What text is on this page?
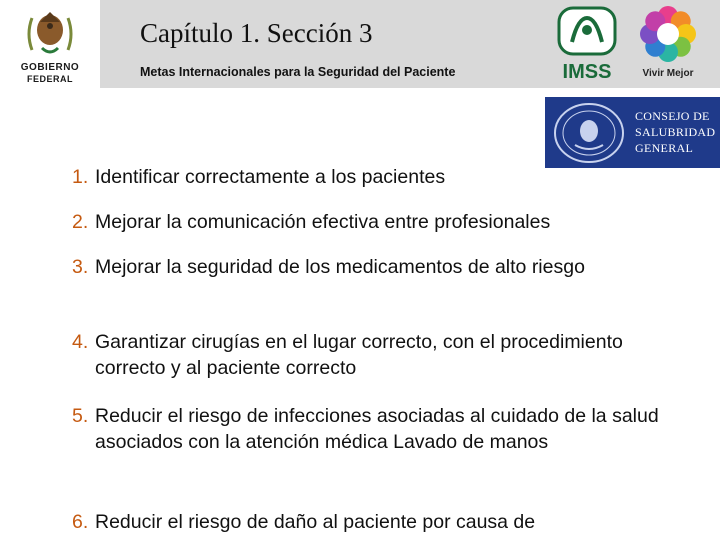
GOBIERNO
FEDERAL
Capítulo 1. Sección 3
Metas Internacionales para la Seguridad del Paciente	IMSS	Vivir Mejor
CONSEJO DE
SALUBRIDAD
GENERAL
1. Identificar correctamente a los pacientes
2. Mejorar la comunicación efectiva entre profesionales
3. Mejorar la seguridad de los medicamentos de alto riesgo
4. Garantizar cirugías en el lugar correcto, con el procedimiento correcto y al paciente correcto
5. Reducir el riesgo de infecciones asociadas al cuidado de la salud asociados con la atención médica Lavado de manos
6. Reducir el riesgo de daño al paciente por causa de
